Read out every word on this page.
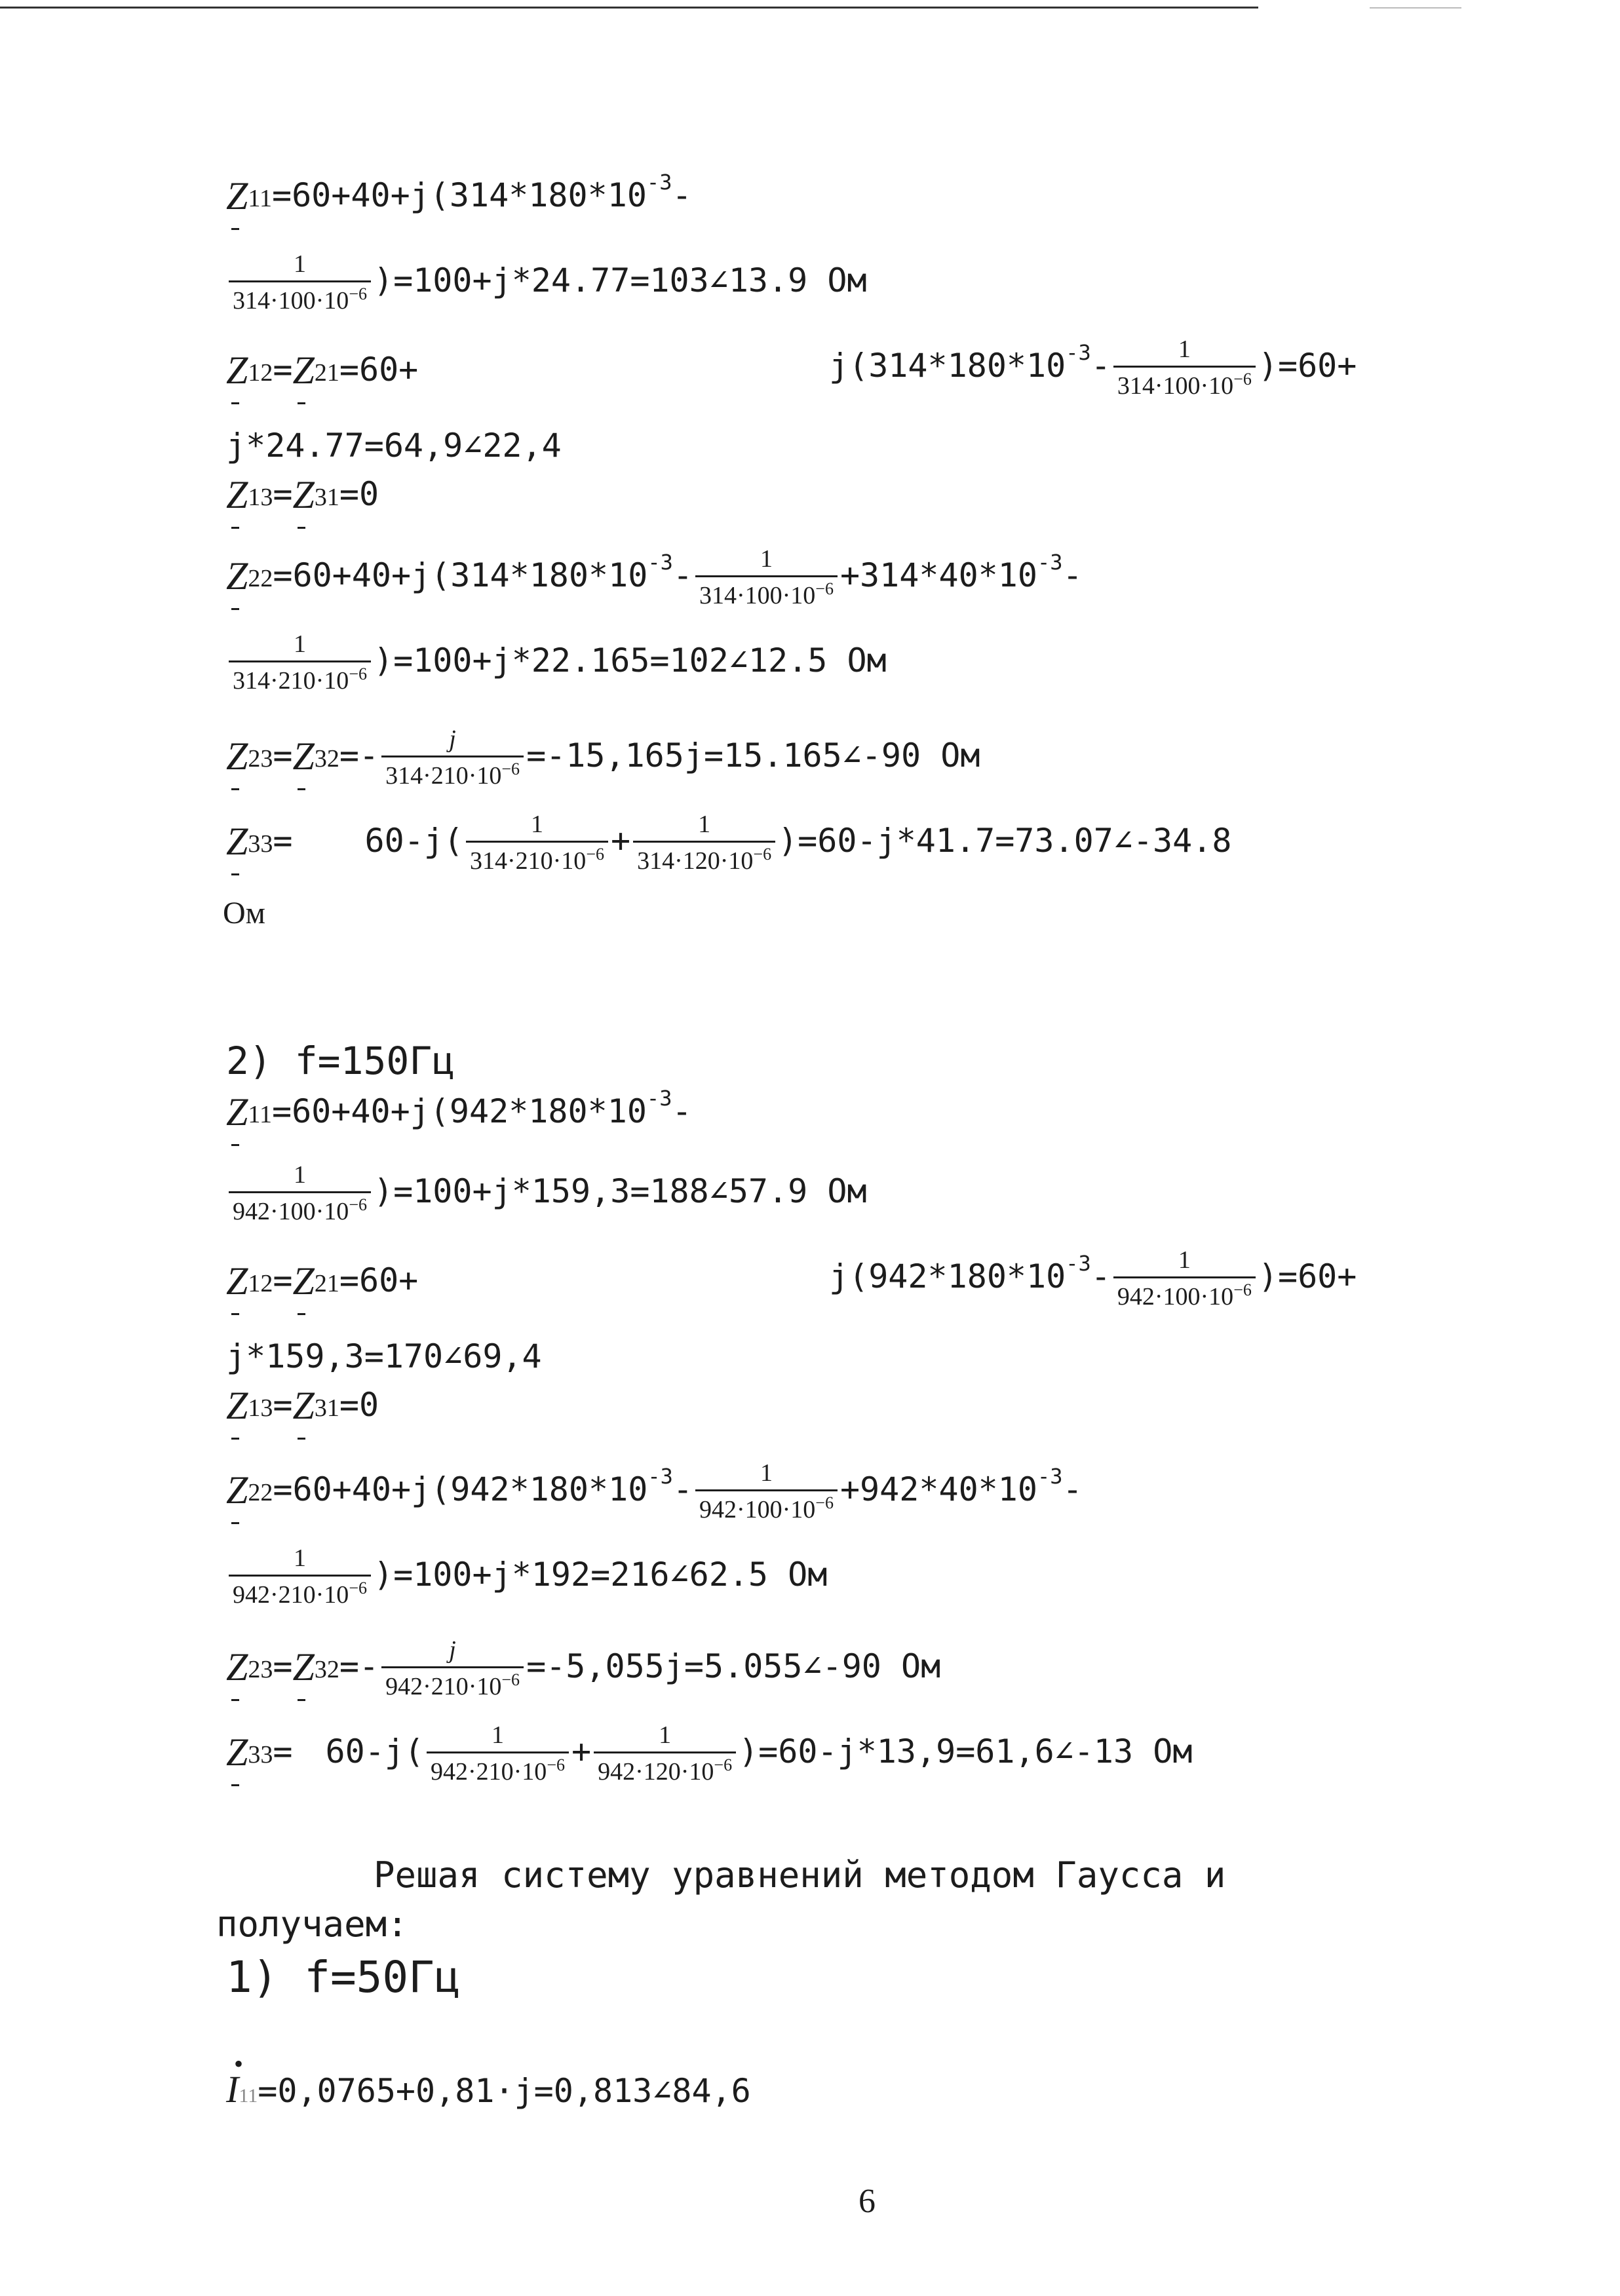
$Z11=60+40+j(314*180*10^{-3}-$
$\frac{1}{314\cdot 100\cdot 10^{-6}}$ )=100+j*24.77=103∠13.9 Ом
Z12=Z21=60+	$j(314*180*10^{-3}- \frac{1}{314\cdot 100\cdot 10^{-6}} )=60+$
j*24.77=64,9∠22,4
Z13=Z31=0
$Z22=60+40+j(314*180*10^{-3}- \frac{1}{314\cdot 100\cdot 10^{-6}} +314*40*10^{-3}-$
$\frac{1}{314\cdot 210\cdot 10^{-6}}$ )=100+j*22.165=102∠12.5 Ом
$Z23=Z32=- \frac{j}{314\cdot 210\cdot 10^{-6}}$ =-15,165j=15.165∠-90 Ом
$Z33= 60-j( \frac{1}{314\cdot 210\cdot 10^{-6}} + \frac{1}{314\cdot 120\cdot 10^{-6}}$ )=60-j*41.7=73.07∠-34.8
Ом
2) f=150Гц
$Z11=60+40+j(942*180*10^{-3}-$
$\frac{1}{942\cdot 100\cdot 10^{-6}}$ )=100+j*159,3=188∠57.9 Ом
Z12=Z21=60+	$j(942*180*10^{-3}- \frac{1}{942\cdot 100\cdot 10^{-6}} )=60+$
j*159,3=170∠69,4
Z13=Z31=0
$Z22=60+40+j(942*180*10^{-3}- \frac{1}{942\cdot 100\cdot 10^{-6}} +942*40*10^{-3}-$
$\frac{1}{942\cdot 210\cdot 10^{-6}}$ )=100+j*192=216∠62.5 Ом
$Z23=Z32=- \frac{j}{942\cdot 210\cdot 10^{-6}}$ =-5,055j=5.055∠-90 Ом
$Z33= 60-j( \frac{1}{942\cdot 210\cdot 10^{-6}} + \frac{1}{942\cdot 120\cdot 10^{-6}}$ )=60-j*13,9=61,6∠-13 Ом
Решая систему уравнений методом Гаусса и
получаем:
1) f=50Гц
•
I11=0,0765+0,81·j=0,813∠84,6
6
